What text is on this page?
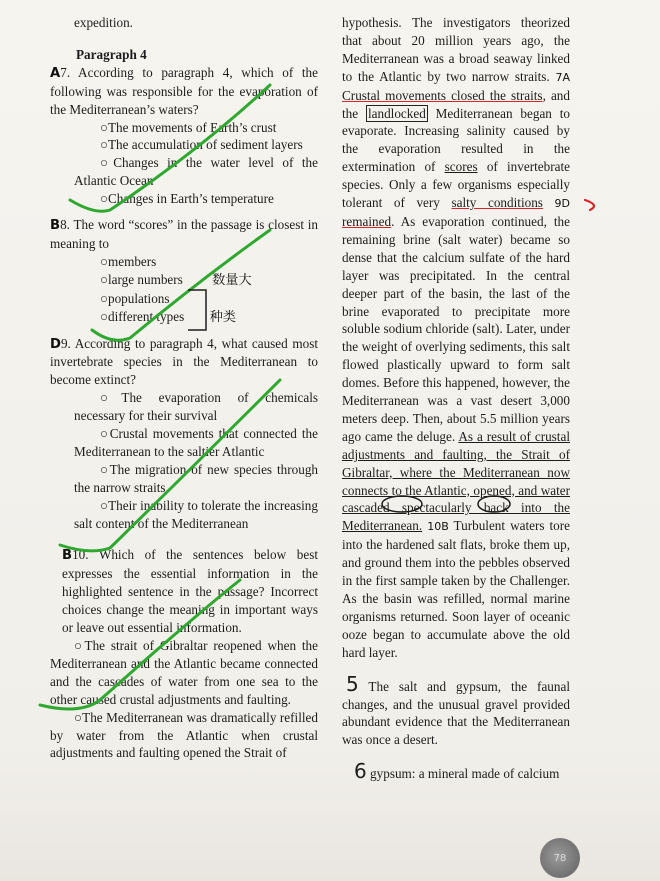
expedition.

Paragraph 4

A7. According to paragraph 4, which of the following was responsible for the evaporation of the Mediterranean’s waters?

○The movements of Earth’s crust

○The accumulation of sediment layers

○Changes in the water level of the Atlantic Ocean

○Changes in Earth’s temperature

B8. The word “scores” in the passage is closest in meaning to

○members

○large numbers 数量大

○populations

○different types 种类

D9. According to paragraph 4, what caused most invertebrate species in the Mediterranean to become extinct?

○The evaporation of chemicals necessary for their survival

○Crustal movements that connected the Mediterranean to the saltier Atlantic

○The migration of new species through the narrow straits

○Their inability to tolerate the increasing salt content of the Mediterranean

B10. Which of the sentences below best expresses the essential information in the highlighted sentence in the passage? Incorrect choices change the meaning in important ways or leave out essential information.

○The strait of Gibraltar reopened when the Mediterranean and the Atlantic became connected and the cascades of water from one sea to the other caused crustal adjustments and faulting.

○The Mediterranean was dramatically refilled by water from the Atlantic when crustal adjustments and faulting opened the Strait of

hypothesis. The investigators theorized that about 20 million years ago, the Mediterranean was a broad seaway linked to the Atlantic by two narrow straits. 7A Crustal movements closed the straits, and the landlocked Mediterranean began to evaporate. Increasing salinity caused by the evaporation resulted in the extermination of scores of invertebrate species. Only a few organisms especially tolerant of very salty conditions 9D remained. As evaporation continued, the remaining brine (salt water) became so dense that the calcium sulfate of the hard layer was precipitated. In the central deeper part of the basin, the last of the brine evaporated to precipitate more soluble sodium chloride (salt). Later, under the weight of overlying sediments, this salt flowed plastically upward to form salt domes. Before this happened, however, the Mediterranean was a vast desert 3,000 meters deep. Then, about 5.5 million years ago came the deluge. As a result of crustal adjustments and faulting, the Strait of Gibraltar, where the Mediterranean now connects to the Atlantic, opened, and water cascaded spectacularly back into the Mediterranean. 10B Turbulent waters tore into the hardened salt flats, broke them up, and ground them into the pebbles observed in the first sample taken by the Challenger. As the basin was refilled, normal marine organisms returned. Soon layer of oceanic ooze began to accumulate above the old hard layer.

5 The salt and gypsum, the faunal changes, and the unusual gravel provided abundant evidence that the Mediterranean was once a desert.

6 gypsum: a mineral made of calcium

78
